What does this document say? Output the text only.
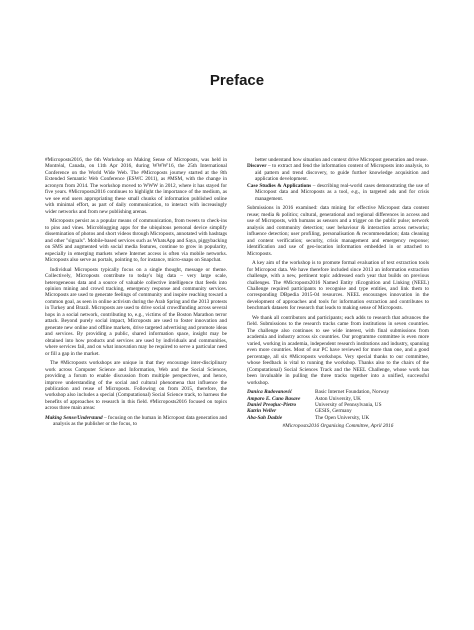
Preface

#Microposts2016, the 6th Workshop on Making Sense of Microposts, was held in Montréal, Canada, on 11th Apr 2016, during WWW'16, the 25th International Conference on the World Wide Web. The #Microposts journey started at the 8th Extended Semantic Web Conference (ESWC 2011), as #MSM, with the change in acronym from 2014. The workshop moved to WWW in 2012, where it has stayed for five years. #Microposts2016 continues to highlight the importance of the medium, as we see end users appropriating these small chunks of information published online with minimal effort, as part of daily communication, to interact with increasingly wider networks and from new publishing arenas.

Microposts persist as a popular means of communication, from tweets to check-ins to pins and vines. Microblogging apps for the ubiquitous personal device simplify dissemination of photos and short videos through Microposts, annotated with hashtags and other "signals". Mobile-based services such as WhatsApp and Saya, piggybacking on SMS and augmented with social media features, continue to grow in popularity, especially in emerging markets where Internet access is often via mobile networks. Microposts also serve as portals, pointing to, for instance, micro-snaps on Snapchat.

Individual Microposts typically focus on a single thought, message or theme. Collectively, Microposts contribute to today's big data – very large scale, heterogeneous data and a source of valuable collective intelligence that feeds into opinion mining and crowd tracking, emergency response and community services. Microposts are used to generate feelings of community and inspire reaching toward a common goal, as seen in online activism during the Arab Spring and the 2013 protests in Turkey and Brazil. Microposts are used to drive social crowdfunding across several hops in a social network, contributing to, e.g., victims of the Boston Marathon terror attack. Beyond purely social impact, Microposts are used to foster innovation and generate new online and offline markets, drive targeted advertising and promote ideas and services. By providing a public, shared information space, insight may be obtained into how products and services are used by individuals and communities, where services fail, and on what innovation may be required to serve a particular need or fill a gap in the market.

The #Microposts workshops are unique in that they encourage inter-disciplinary work across Computer Science and Information, Web and the Social Sciences, providing a forum to enable discussion from multiple perspectives, and hence, improve understanding of the social and cultural phenomena that influence the publication and reuse of Microposts. Following on from 2015, therefore, the workshop also includes a special (Computational) Social Science track, to harness the benefits of approaches to research in this field. #Microposts2016 focused on topics across three main areas:

Making Sense/Understand – focusing on the human in Micropost data generation and analysis as the publisher or the focus, to

better understand how situation and context drive Micropost generation and reuse.

Discover – to extract and fend the information content of Microposts into analysis, to aid pattern and trend discovery, to guide further knowledge acquisition and application development.

Case Studies & Applications – describing real-world cases demonstrating the use of Micropost data and Microposts as a tool, e.g., in targeted ads and for crisis management.

Submissions in 2016 examined: data mining for effective Micropost data content reuse; media & politics; cultural, generational and regional differences in access and use of Microposts, with humans as sensors and a trigger on the public pulse; network analysis and community detection; user behaviour & interaction across networks; influence detection; user profiling, personalisation & recommendation; data cleaning and content verification; security, crisis management and emergency response; identification and use of geo-location information embedded in or attached to Microposts.

A key aim of the workshop is to promote formal evaluation of text extraction tools for Micropost data. We have therefore included since 2013 an information extraction challenge, with a new, pertinent topic addressed each year that builds on previous challenges. The #Microposts2016 Named Entity rEcognition and Linking (NEEL) Challenge required participants to recognise and type entities, and link them to corresponding DBpedia 2015-04 resources. NEEL encourages innovation in the development of approaches and tools for information extraction and contributes to benchmark datasets for research that leads to making sense of Microposts.

We thank all contributors and participants; each adds to research that advances the field. Submissions to the research tracks came from institutions in seven countries. The challenge also continues to see wide interest, with final submissions from academia and industry across six countries. Our programme committee is even more varied, working in academia, independent research institutions and industry, spanning even more countries. Most of our PC have reviewed for more than one, and a good percentage, all six #Microposts workshops. Very special thanks to our committee, whose feedback is vital to running the workshop. Thanks also to the chairs of the (Computational) Social Sciences Track and the NEEL Challenge, whose work has been invaluable in pulling the three tracks together into a unified, successful workshop.

Danica Radovanović	Basic Internet Foundation, Norway
Amparo E. Cano Basave	Aston University, UK
Daniel Preoţiuc-Pietro	University of Pennsylvania, US
Katrin Weller	GESIS, Germany
Aba-Sah Dadzie	The Open University, UK
#Microposts2016 Organising Committee, April 2016
